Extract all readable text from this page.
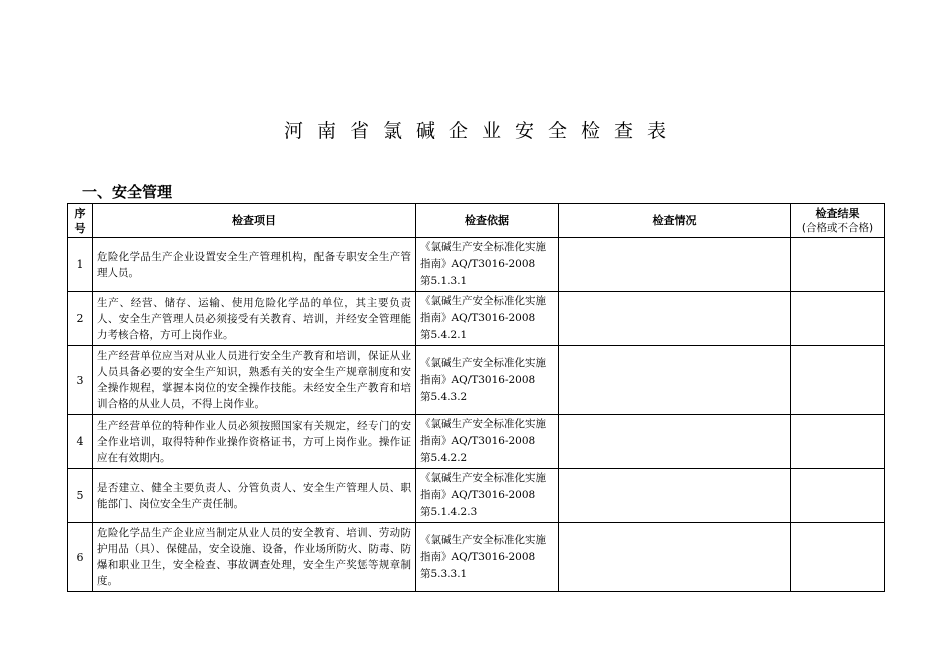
河南省氯碱企业安全检查表
一、安全管理
序号	检查项目	检查依据	检查情况	检查结果
(合格或不合格)

1	危险化学品生产企业设置安全生产管理机构，配备专职安全生产管理人员。	《氯碱生产安全标准化实施指南》AQ/T3016-2008
第5.1.3.1		

2	生产、经营、储存、运输、使用危险化学品的单位，其主要负责人、安全生产管理人员必须接受有关教育、培训，并经安全管理能力考核合格，方可上岗作业。	《氯碱生产安全标准化实施指南》AQ/T3016-2008
第5.4.2.1		

3	生产经营单位应当对从业人员进行安全生产教育和培训，保证从业人员具备必要的安全生产知识，熟悉有关的安全生产规章制度和安全操作规程，掌握本岗位的安全操作技能。未经安全生产教育和培训合格的从业人员，不得上岗作业。	《氯碱生产安全标准化实施指南》AQ/T3016-2008
第5.4.3.2		

4	生产经营单位的特种作业人员必须按照国家有关规定，经专门的安全作业培训，取得特种作业操作资格证书，方可上岗作业。操作证应在有效期内。	《氯碱生产安全标准化实施指南》AQ/T3016-2008
第5.4.2.2		

5	是否建立、健全主要负责人、分管负责人、安全生产管理人员、职能部门、岗位安全生产责任制。	《氯碱生产安全标准化实施指南》AQ/T3016-2008
第5.1.4.2.3		

6	危险化学品生产企业应当制定从业人员的安全教育、培训、劳动防护用品（具）、保健品，安全设施、设备，作业场所防火、防毒、防爆和职业卫生，安全检查、事故调查处理，安全生产奖惩等规章制度。	《氯碱生产安全标准化实施指南》AQ/T3016-2008
第5.3.3.1		
